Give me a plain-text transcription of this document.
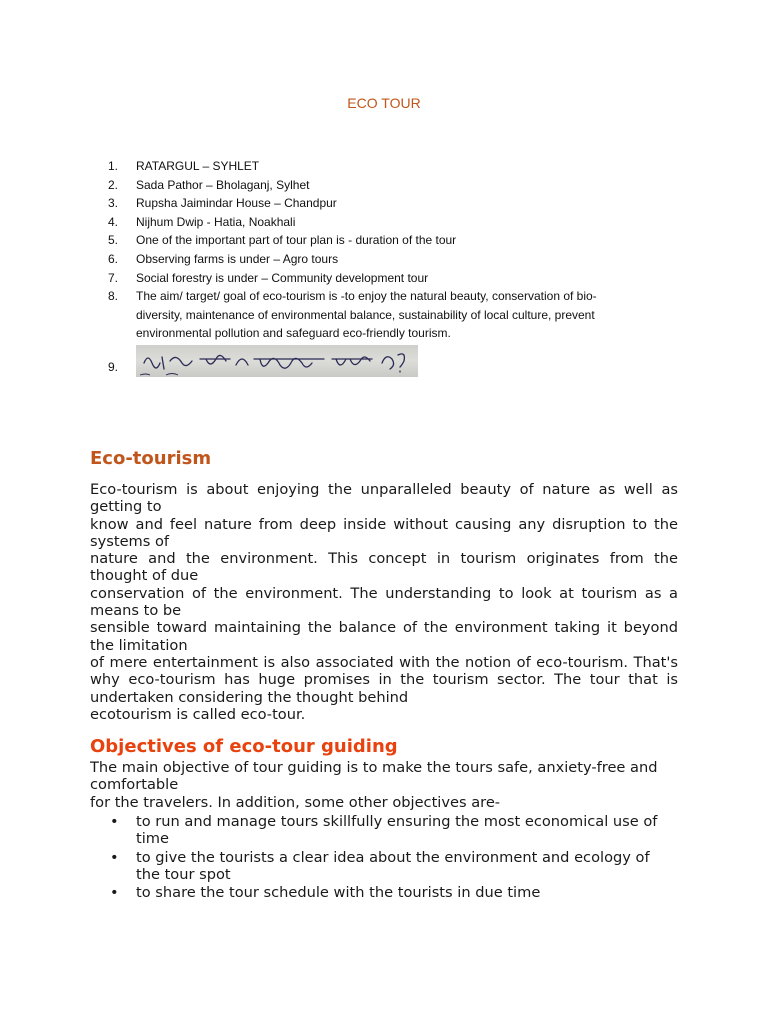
ECO TOUR
1.	RATARGUL – SYHLET
2.	Sada Pathor – Bholaganj, Sylhet
3.	Rupsha Jaimindar House – Chandpur
4.	Nijhum Dwip - Hatia, Noakhali
5.	One of the important part of tour plan is - duration of the tour
6.	Observing farms is under – Agro tours
7.	Social forestry is under – Community development tour
8.	The aim/ target/ goal of eco-tourism is -to enjoy the natural beauty, conservation of bio-diversity, maintenance of environmental balance, sustainability of local culture, prevent environmental pollution and safeguard eco-friendly tourism.
9.
Eco-tourism
Eco-tourism is about enjoying the unparalleled beauty of nature as well as
getting to
know and feel nature from deep inside without causing any disruption to the
systems of
nature and the environment. This concept in tourism originates from the
thought of due
conservation of the environment. The understanding to look at tourism as a
means to be
sensible toward maintaining the balance of the environment taking it beyond
the limitation
of mere entertainment is also associated with the notion of eco-tourism. That's
why eco-tourism has huge promises in the tourism sector. The tour that is
undertaken considering the thought behind
ecotourism is called eco-tour.
Objectives of eco-tour guiding
The main objective of tour guiding is to make the tours safe, anxiety-free and
comfortable
for the travelers. In addition, some other objectives are-
• to run and manage tours skillfully ensuring the most economical use of time
• to give the tourists a clear idea about the environment and ecology of the tour spot
• to share the tour schedule with the tourists in due time
